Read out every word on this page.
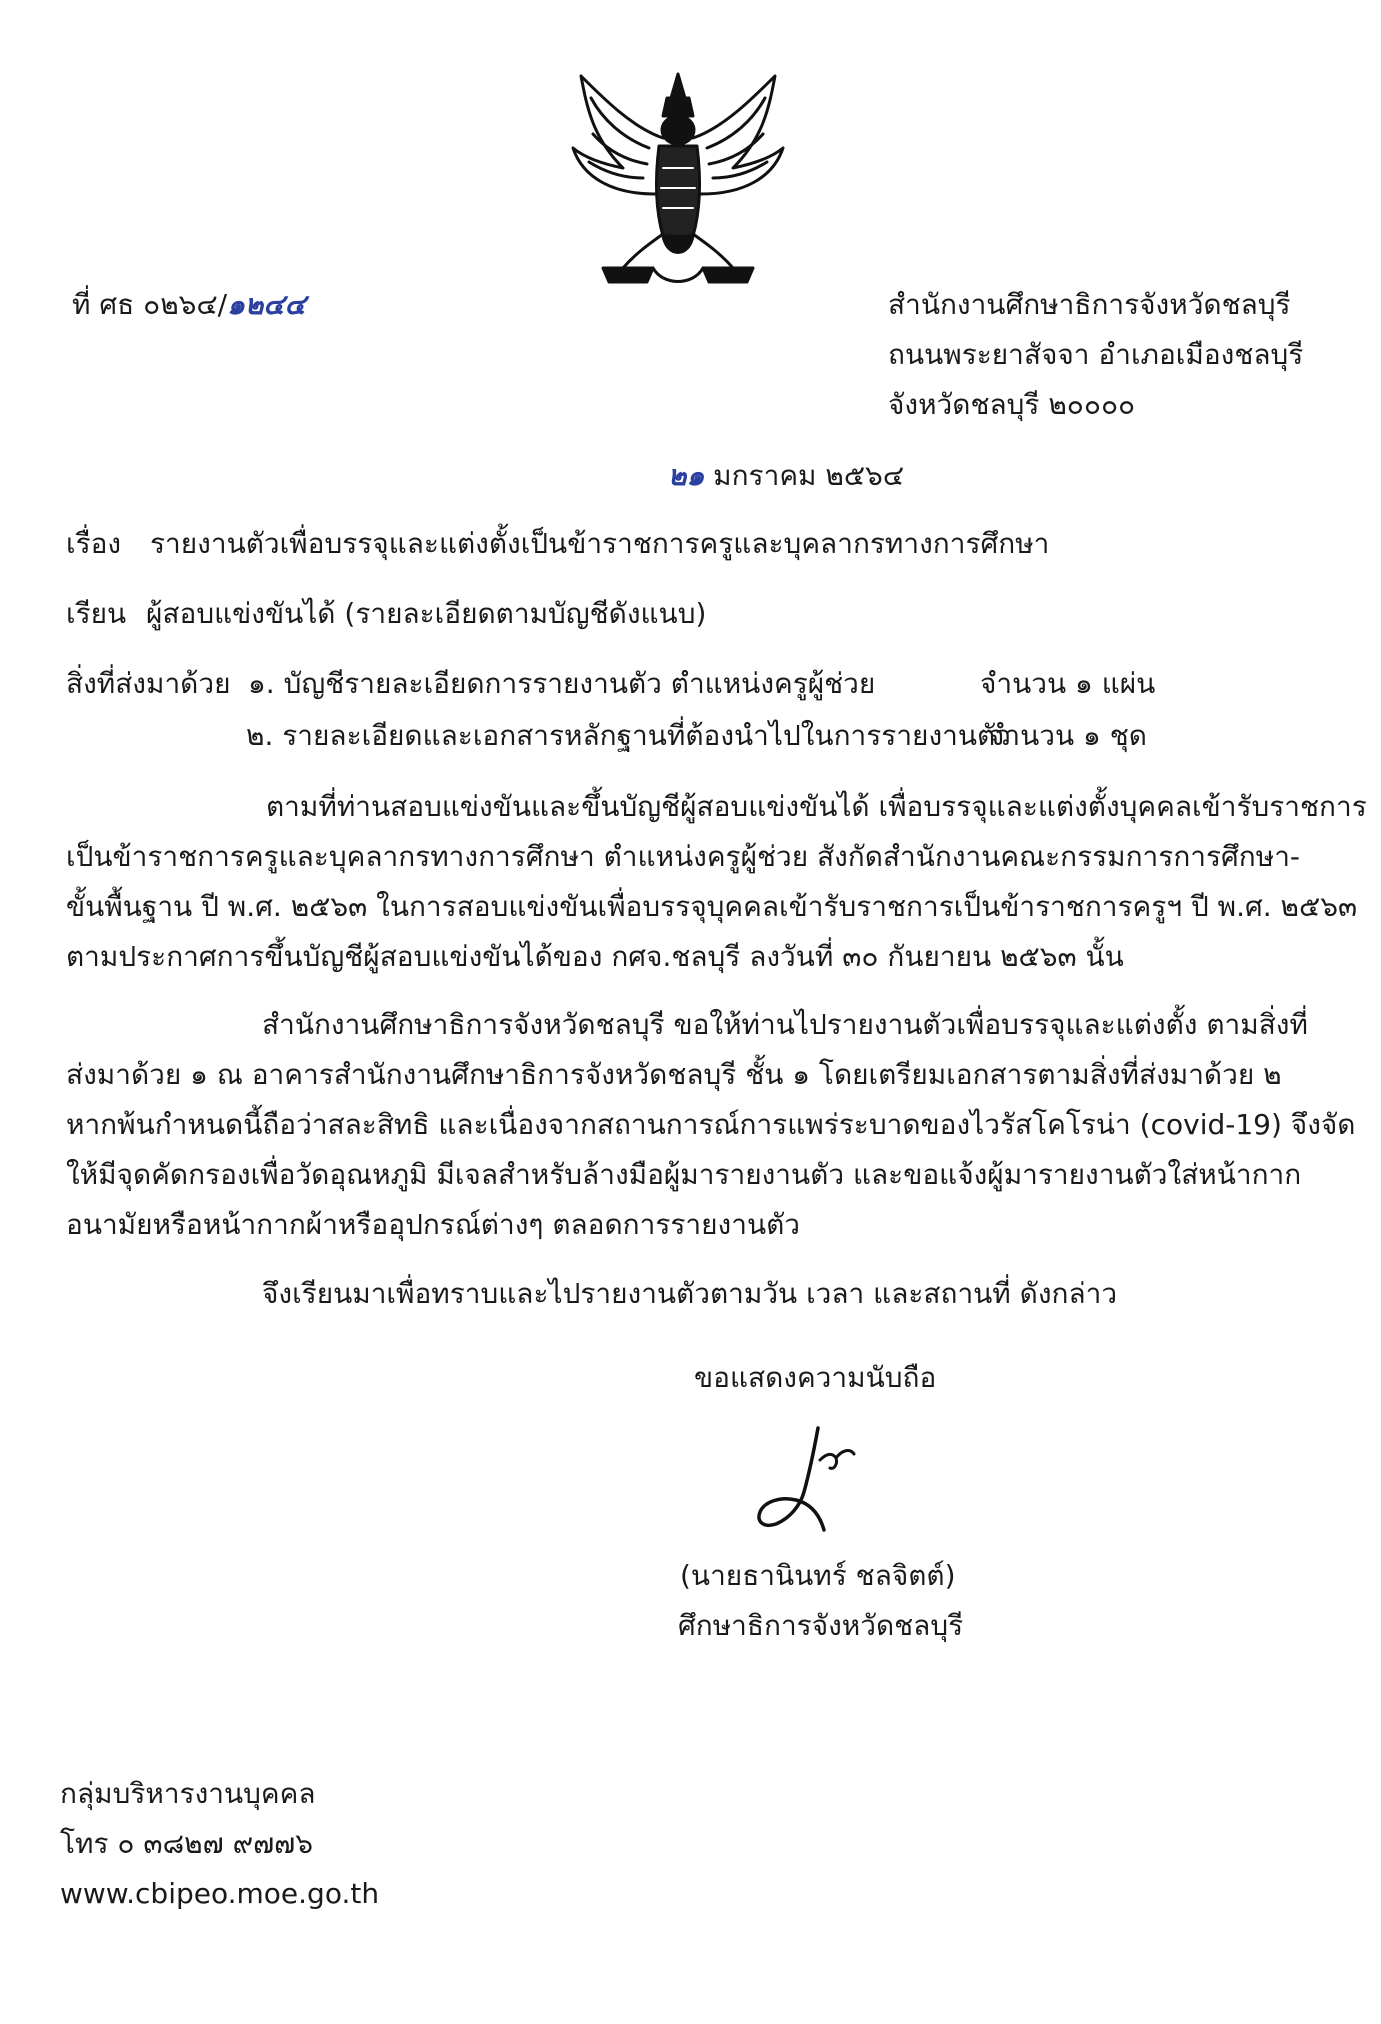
ที่ ศธ ๐๒๖๔/๑๒๔๔	สำนักงานศึกษาธิการจังหวัดชลบุรี
ถนนพระยาสัจจา อำเภอเมืองชลบุรี
จังหวัดชลบุรี ๒๐๐๐๐
๒๑ มกราคม ๒๕๖๔
เรื่อง รายงานตัวเพื่อบรรจุและแต่งตั้งเป็นข้าราชการครูและบุคลากรทางการศึกษา
เรียน ผู้สอบแข่งขันได้ (รายละเอียดตามบัญชีดังแนบ)
สิ่งที่ส่งมาด้วย ๑. บัญชีรายละเอียดการรายงานตัว ตำแหน่งครูผู้ช่วย	จำนวน ๑ แผ่น
๒. รายละเอียดและเอกสารหลักฐานที่ต้องนำไปในการรายงานตัว
จำนวน ๑ ชุด
ตามที่ท่านสอบแข่งขันและขึ้นบัญชีผู้สอบแข่งขันได้ เพื่อบรรจุและแต่งตั้งบุคคลเข้ารับราชการ
เป็นข้าราชการครูและบุคลากรทางการศึกษา ตำแหน่งครูผู้ช่วย สังกัดสำนักงานคณะกรรมการการศึกษา-
ขั้นพื้นฐาน ปี พ.ศ. ๒๕๖๓ ในการสอบแข่งขันเพื่อบรรจุบุคคลเข้ารับราชการเป็นข้าราชการครูฯ ปี พ.ศ. ๒๕๖๓
ตามประกาศการขึ้นบัญชีผู้สอบแข่งขันได้ของ กศจ.ชลบุรี ลงวันที่ ๓๐ กันยายน ๒๕๖๓ นั้น
สำนักงานศึกษาธิการจังหวัดชลบุรี ขอให้ท่านไปรายงานตัวเพื่อบรรจุและแต่งตั้ง ตามสิ่งที่
ส่งมาด้วย ๑ ณ อาคารสำนักงานศึกษาธิการจังหวัดชลบุรี ชั้น ๑ โดยเตรียมเอกสารตามสิ่งที่ส่งมาด้วย ๒
หากพ้นกำหนดนี้ถือว่าสละสิทธิ และเนื่องจากสถานการณ์การแพร่ระบาดของไวรัสโคโรน่า (covid-19) จึงจัด
ให้มีจุดคัดกรองเพื่อวัดอุณหภูมิ มีเจลสำหรับล้างมือผู้มารายงานตัว และขอแจ้งผู้มารายงานตัวใส่หน้ากาก
อนามัยหรือหน้ากากผ้าหรืออุปกรณ์ต่างๆ ตลอดการรายงานตัว
จึงเรียนมาเพื่อทราบและไปรายงานตัวตามวัน เวลา และสถานที่ ดังกล่าว
ขอแสดงความนับถือ
(นายธานินทร์ ชลจิตต์)
ศึกษาธิการจังหวัดชลบุรี
กลุ่มบริหารงานบุคคล
โทร ๐ ๓๘๒๗ ๙๗๗๖
www.cbipeo.moe.go.th
